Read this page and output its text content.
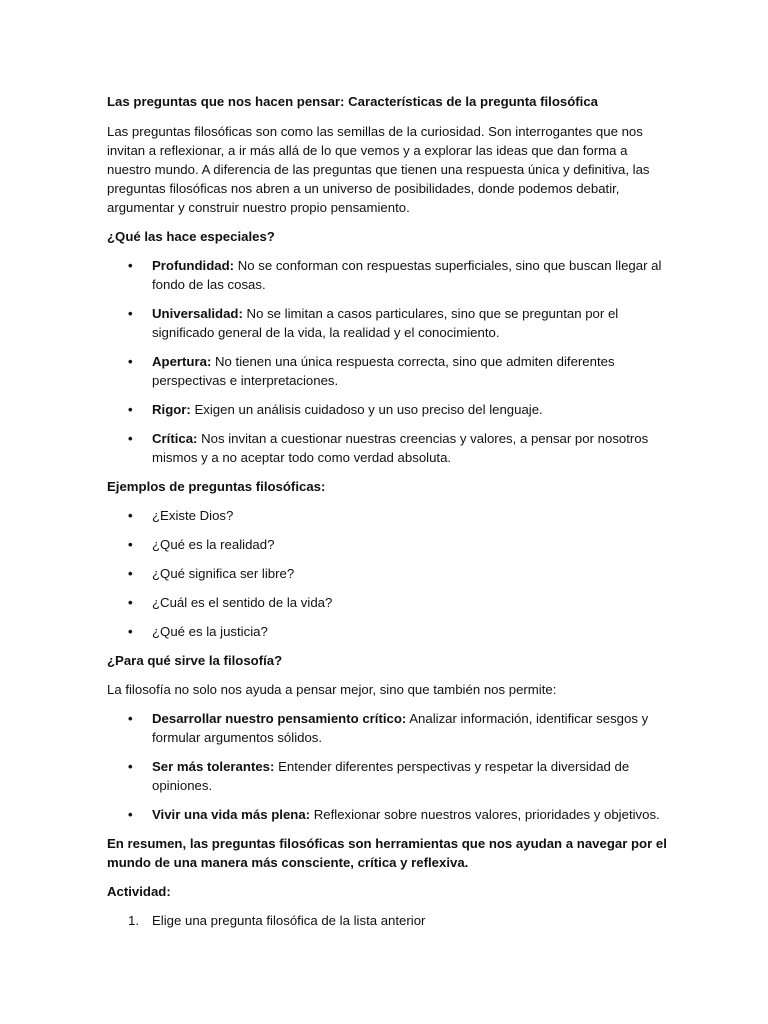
Las preguntas que nos hacen pensar: Características de la pregunta filosófica

Las preguntas filosóficas son como las semillas de la curiosidad. Son interrogantes que nos invitan a reflexionar, a ir más allá de lo que vemos y a explorar las ideas que dan forma a nuestro mundo. A diferencia de las preguntas que tienen una respuesta única y definitiva, las preguntas filosóficas nos abren a un universo de posibilidades, donde podemos debatir, argumentar y construir nuestro propio pensamiento.

¿Qué las hace especiales?

• Profundidad: No se conforman con respuestas superficiales, sino que buscan llegar al fondo de las cosas.
• Universalidad: No se limitan a casos particulares, sino que se preguntan por el significado general de la vida, la realidad y el conocimiento.
• Apertura: No tienen una única respuesta correcta, sino que admiten diferentes perspectivas e interpretaciones.
• Rigor: Exigen un análisis cuidadoso y un uso preciso del lenguaje.
• Crítica: Nos invitan a cuestionar nuestras creencias y valores, a pensar por nosotros mismos y a no aceptar todo como verdad absoluta.

Ejemplos de preguntas filosóficas:

• ¿Existe Dios?
• ¿Qué es la realidad?
• ¿Qué significa ser libre?
• ¿Cuál es el sentido de la vida?
• ¿Qué es la justicia?

¿Para qué sirve la filosofía?

La filosofía no solo nos ayuda a pensar mejor, sino que también nos permite:

• Desarrollar nuestro pensamiento crítico: Analizar información, identificar sesgos y formular argumentos sólidos.
• Ser más tolerantes: Entender diferentes perspectivas y respetar la diversidad de opiniones.
• Vivir una vida más plena: Reflexionar sobre nuestros valores, prioridades y objetivos.

En resumen, las preguntas filosóficas son herramientas que nos ayudan a navegar por el mundo de una manera más consciente, crítica y reflexiva.

Actividad:

1. Elige una pregunta filosófica de la lista anterior
